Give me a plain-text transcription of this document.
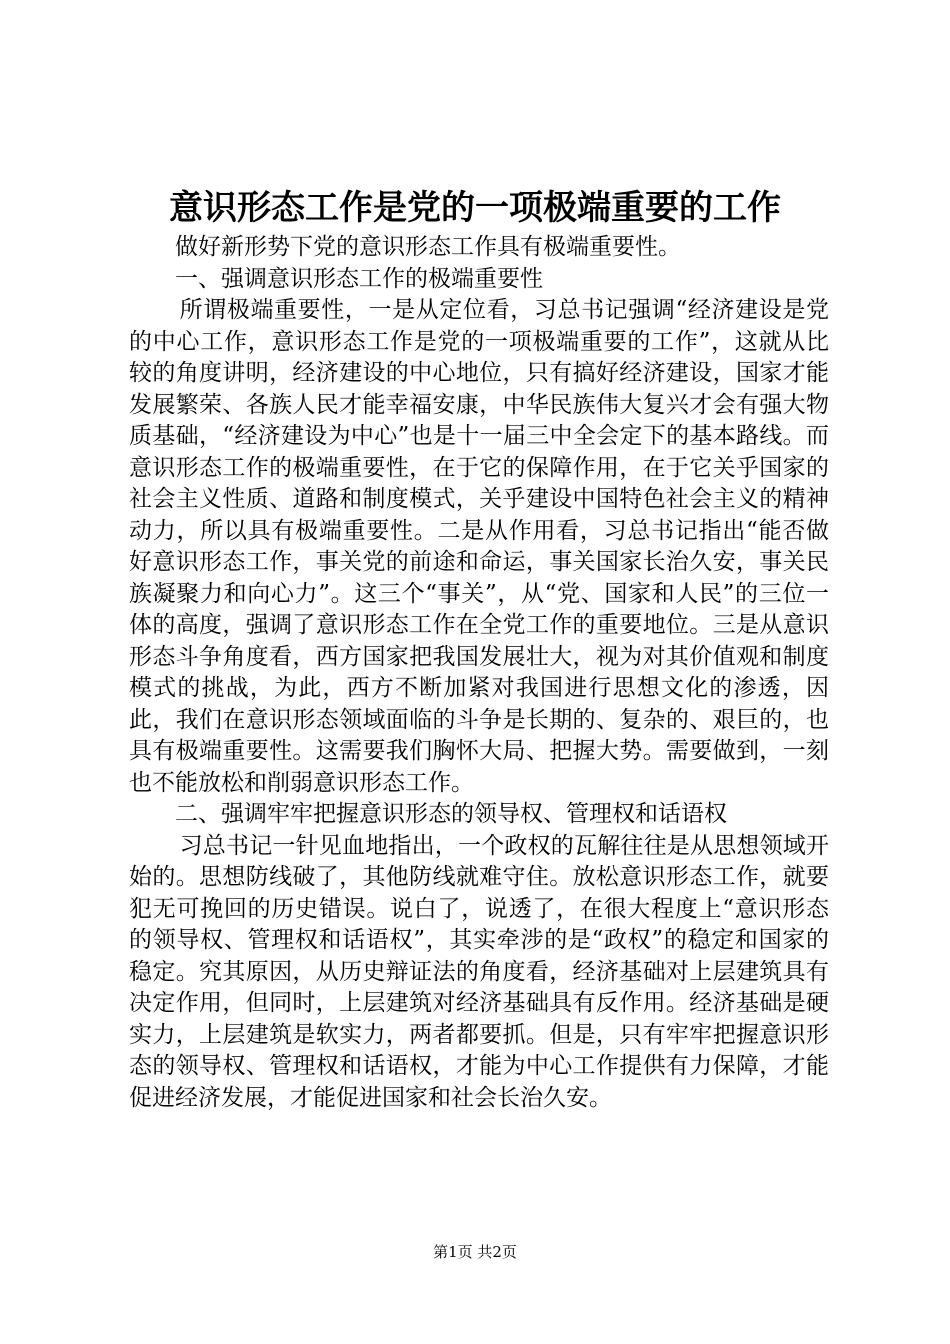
意识形态工作是党的一项极端重要的工作

做好新形势下党的意识形态工作具有极端重要性。

一、强调意识形态工作的极端重要性

所谓极端重要性，一是从定位看，习总书记强调“经济建设是党的中心工作，意识形态工作是党的一项极端重要的工作”，这就从比较的角度讲明，经济建设的中心地位，只有搞好经济建设，国家才能发展繁荣、各族人民才能幸福安康，中华民族伟大复兴才会有强大物质基础，“经济建设为中心”也是十一届三中全会定下的基本路线。而意识形态工作的极端重要性，在于它的保障作用，在于它关乎国家的社会主义性质、道路和制度模式，关乎建设中国特色社会主义的精神动力，所以具有极端重要性。二是从作用看，习总书记指出“能否做好意识形态工作，事关党的前途和命运，事关国家长治久安，事关民族凝聚力和向心力”。这三个“事关”，从“党、国家和人民”的三位一体的高度，强调了意识形态工作在全党工作的重要地位。三是从意识形态斗争角度看，西方国家把我国发展壮大，视为对其价值观和制度模式的挑战，为此，西方不断加紧对我国进行思想文化的渗透，因此，我们在意识形态领域面临的斗争是长期的、复杂的、艰巨的，也具有极端重要性。这需要我们胸怀大局、把握大势。需要做到，一刻也不能放松和削弱意识形态工作。

二、强调牢牢把握意识形态的领导权、管理权和话语权

习总书记一针见血地指出，一个政权的瓦解往往是从思想领域开始的。思想防线破了，其他防线就难守住。放松意识形态工作，就要犯无可挽回的历史错误。说白了，说透了，在很大程度上“意识形态的领导权、管理权和话语权”，其实牵涉的是“政权”的稳定和国家的稳定。究其原因，从历史辩证法的角度看，经济基础对上层建筑具有决定作用，但同时，上层建筑对经济基础具有反作用。经济基础是硬实力，上层建筑是软实力，两者都要抓。但是，只有牢牢把握意识形态的领导权、管理权和话语权，才能为中心工作提供有力保障，才能促进经济发展，才能促进国家和社会长治久安。

第1页 共2页
